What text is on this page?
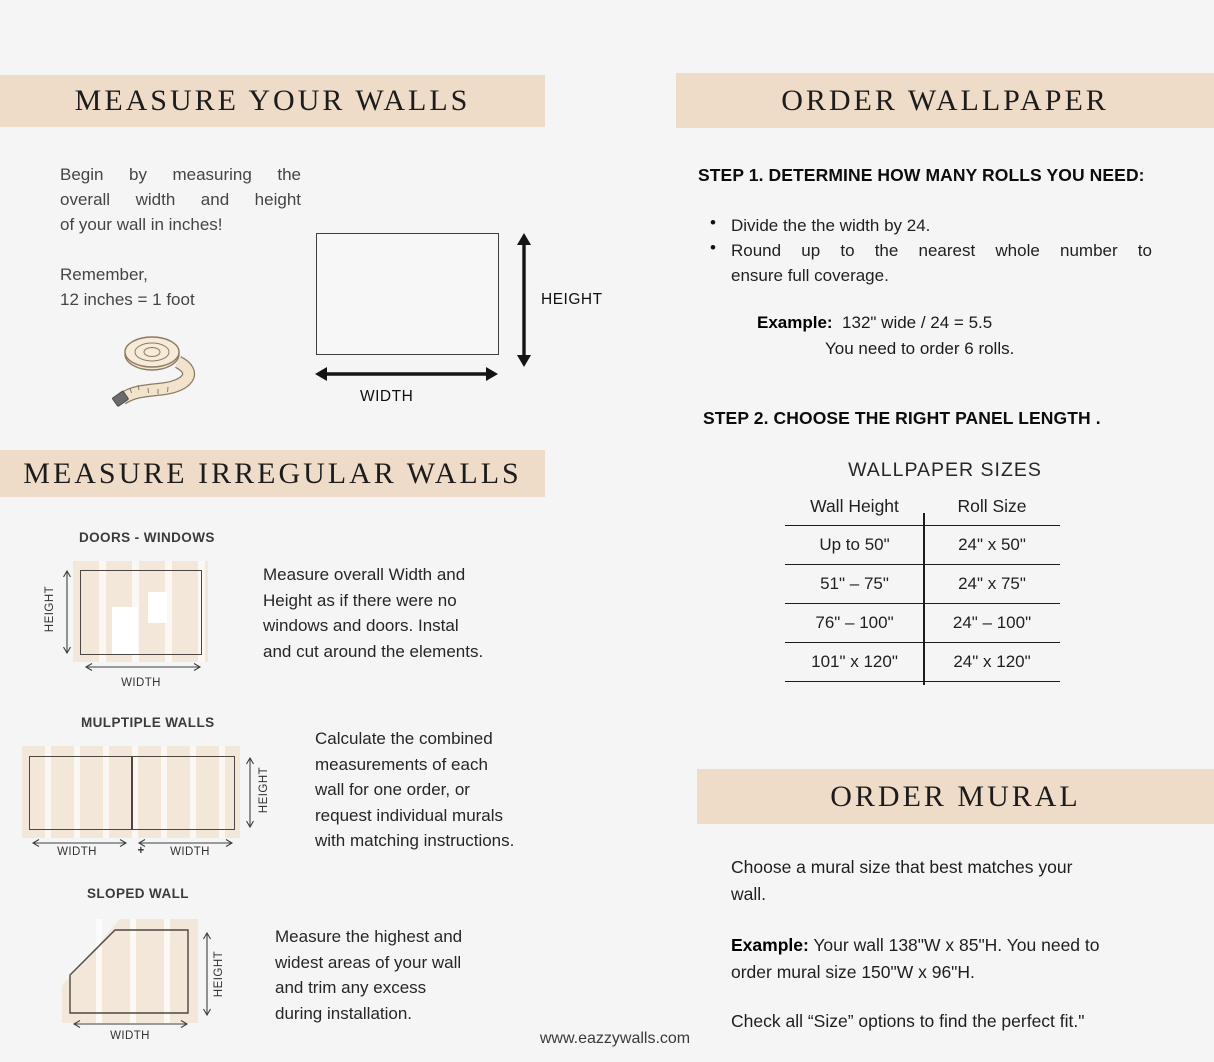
MEASURE YOUR WALLS
Begin by measuring the
overall width and height
of your wall in inches!
Remember,
12 inches = 1 foot	HEIGHT
WIDTH
MEASURE IRREGULAR WALLS
DOORS - WINDOWS
HEIGHT
WIDTH
Measure overall Width and
Height as if there were no
windows and doors. Instal
and cut around the elements.
MULPTIPLE WALLS
HEIGHT
WIDTH	+	WIDTH
Calculate the combined
measurements of each
wall for one order, or
request individual murals
with matching instructions.
SLOPED WALL
HEIGHT
WIDTH
Measure the highest and
widest areas of your wall
and trim any excess
during installation.
ORDER WALLPAPER
STEP 1. DETERMINE HOW MANY ROLLS YOU NEED:
• Divide the the width by 24.
• Round up to the nearest whole number to
ensure full coverage.
Example: 132" wide / 24 = 5.5
You need to order 6 rolls.
STEP 2. CHOOSE THE RIGHT PANEL LENGTH .
WALLPAPER SIZES
Wall Height	Roll Size
Up to 50"	24" x 50"
51" – 75"	24" x 75"
76" – 100"	24" – 100"
101" x 120"	24" x 120"
ORDER MURAL
Choose a mural size that best matches your
wall.
Example: Your wall 138"W x 85"H. You need to
order mural size 150"W x 96"H.
Check all “Size” options to find the perfect fit."
www.eazzywalls.com
